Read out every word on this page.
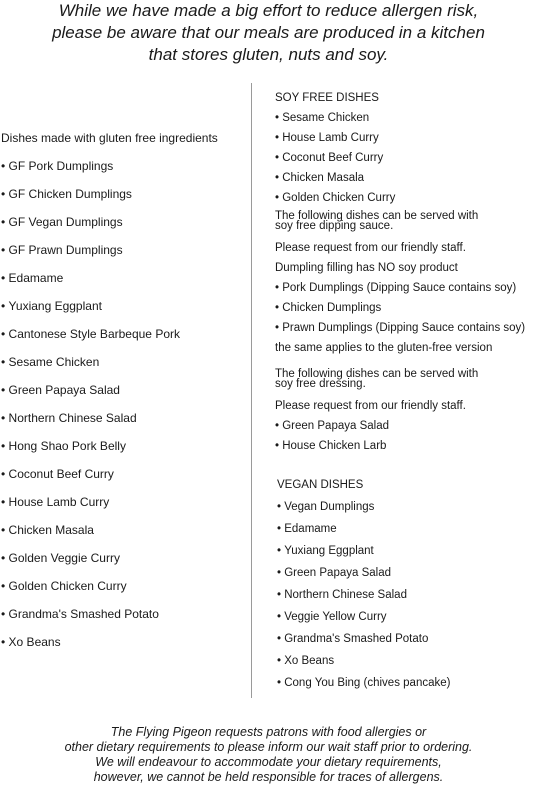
While we have made a big effort to reduce allergen risk,
please be aware that our meals are produced in a kitchen
that stores gluten, nuts and soy.
Dishes made with gluten free ingredients
• GF Pork Dumplings
• GF Chicken Dumplings
• GF Vegan Dumplings
• GF Prawn Dumplings
• Edamame
• Yuxiang Eggplant
• Cantonese Style Barbeque Pork
• Sesame Chicken
• Green Papaya Salad
• Northern Chinese Salad
• Hong Shao Pork Belly
• Coconut Beef Curry
• House Lamb Curry
• Chicken Masala
• Golden Veggie Curry
• Golden Chicken Curry
• Grandma's Smashed Potato
• Xo Beans
SOY FREE DISHES
• Sesame Chicken
• House Lamb Curry
• Coconut Beef Curry
• Chicken Masala
• Golden Chicken Curry
The following dishes can be served with
soy free dipping sauce.
Please request from our friendly staff.
Dumpling filling has NO soy product
• Pork Dumplings (Dipping Sauce contains soy)
• Chicken Dumplings
• Prawn Dumplings (Dipping Sauce contains soy)
the same applies to the gluten-free version
The following dishes can be served with
soy free dressing.
Please request from our friendly staff.
• Green Papaya Salad
• House Chicken Larb
VEGAN DISHES
• Vegan Dumplings
• Edamame
• Yuxiang Eggplant
• Green Papaya Salad
• Northern Chinese Salad
• Veggie Yellow Curry
• Grandma's Smashed Potato
• Xo Beans
• Cong You Bing (chives pancake)
The Flying Pigeon requests patrons with food allergies or
other dietary requirements to please inform our wait staff prior to ordering.
We will endeavour to accommodate your dietary requirements,
however, we cannot be held responsible for traces of allergens.
